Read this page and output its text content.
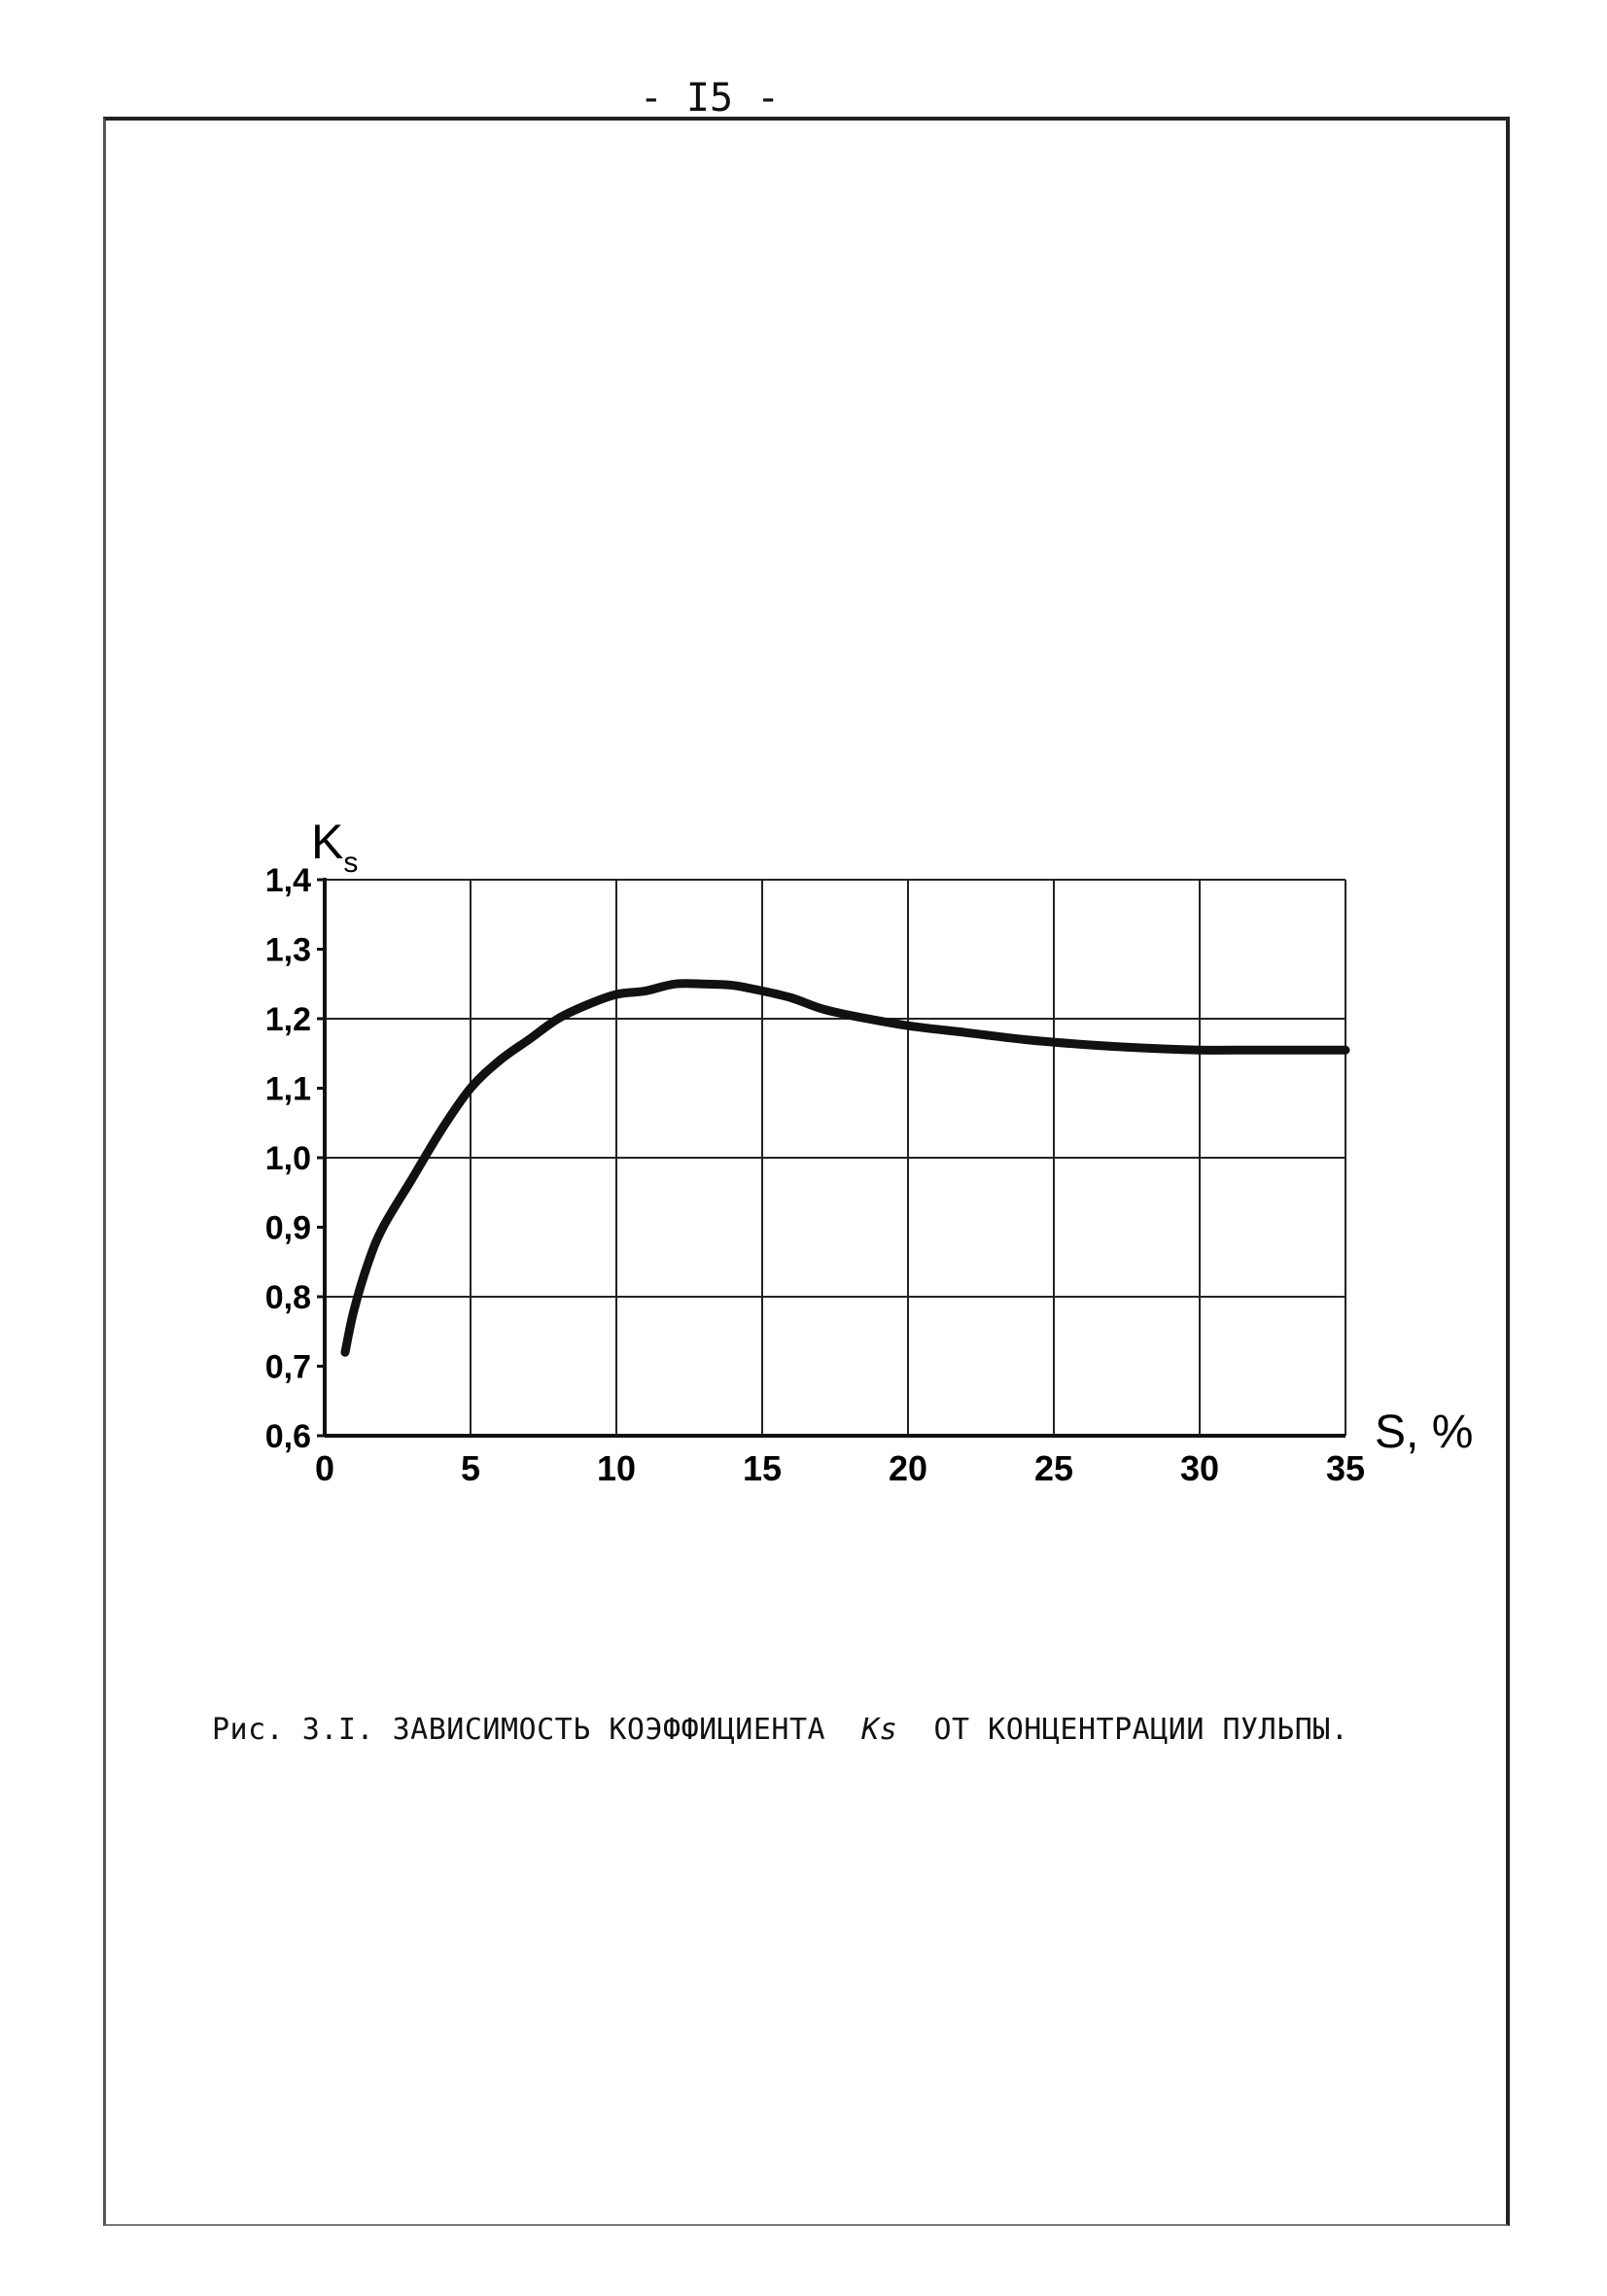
- I5 -
0,6
0,7
0,8
0,9
1,0
1,1
1,2
1,3
1,4
0	5	10	15	20	25	30	35
S, %
$K_s$
Рис. 3.I. ЗАВИСИМОСТЬ КОЭФФИЦИЕНТА Ks ОТ КОНЦЕНТРАЦИИ ПУЛЬПЫ.
